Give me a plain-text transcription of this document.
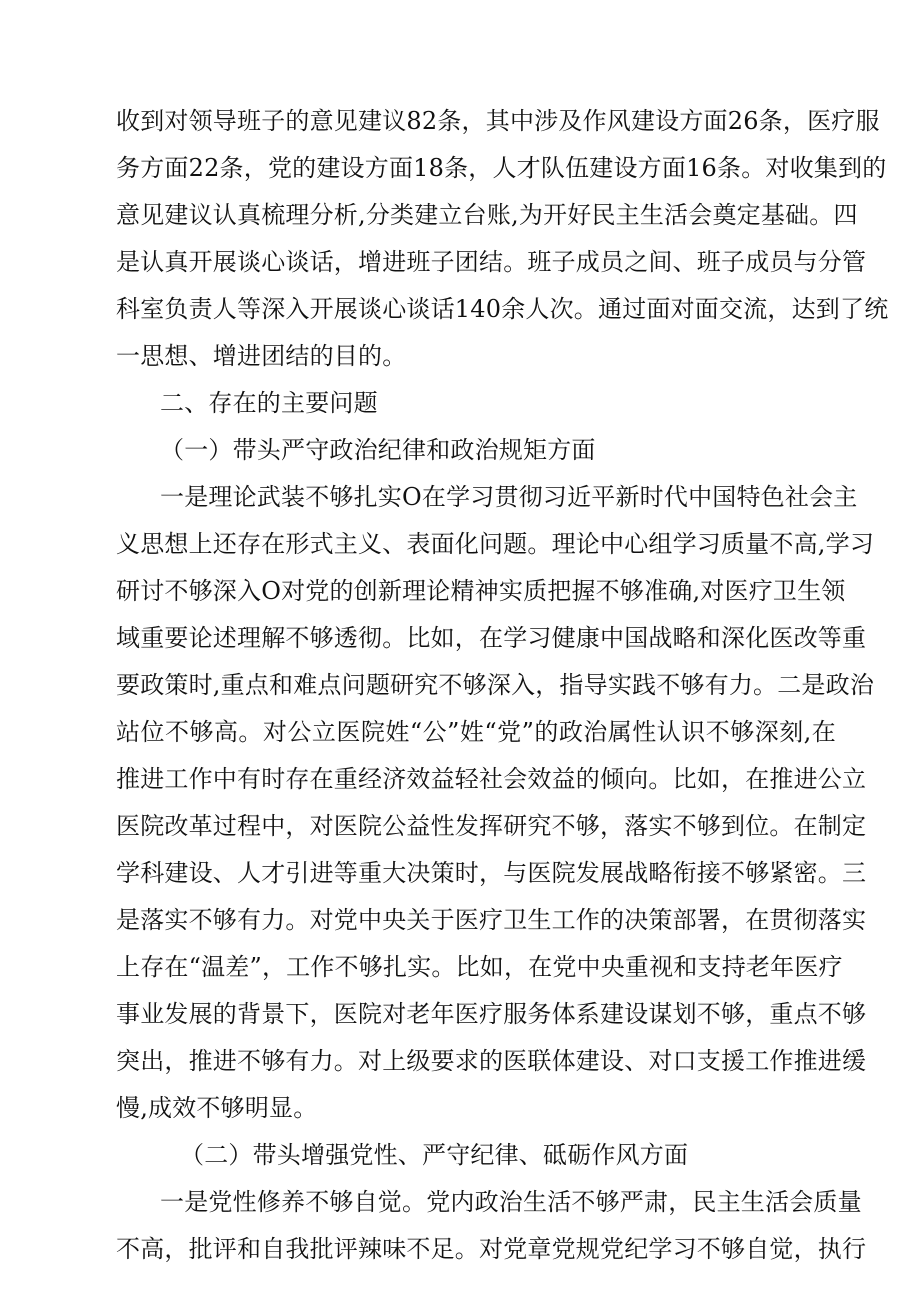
收到对领导班子的意见建议82条，其中涉及作风建设方面26条，医疗服
务方面22条，党的建设方面18条，人才队伍建设方面16条。对收集到的
意见建议认真梳理分析,分类建立台账,为开好民主生活会奠定基础。四
是认真开展谈心谈话，增进班子团结。班子成员之间、班子成员与分管
科室负责人等深入开展谈心谈话140余人次。通过面对面交流，达到了统
一思想、增进团结的目的。
二、存在的主要问题
（一）带头严守政治纪律和政治规矩方面
一是理论武装不够扎实O在学习贯彻习近平新时代中国特色社会主
义思想上还存在形式主义、表面化问题。理论中心组学习质量不高,学习
研讨不够深入O对党的创新理论精神实质把握不够准确,对医疗卫生领
域重要论述理解不够透彻。比如，在学习健康中国战略和深化医改等重
要政策时,重点和难点问题研究不够深入，指导实践不够有力。二是政治
站位不够高。对公立医院姓“公”姓“党”的政治属性认识不够深刻,在
推进工作中有时存在重经济效益轻社会效益的倾向。比如，在推进公立
医院改革过程中，对医院公益性发挥研究不够，落实不够到位。在制定
学科建设、人才引进等重大决策时，与医院发展战略衔接不够紧密。三
是落实不够有力。对党中央关于医疗卫生工作的决策部署，在贯彻落实
上存在“温差”，工作不够扎实。比如，在党中央重视和支持老年医疗
事业发展的背景下，医院对老年医疗服务体系建设谋划不够，重点不够
突出，推进不够有力。对上级要求的医联体建设、对口支援工作推进缓
慢,成效不够明显。
（二）带头增强党性、严守纪律、砥砺作风方面
一是党性修养不够自觉。党内政治生活不够严肃，民主生活会质量
不高，批评和自我批评辣味不足。对党章党规党纪学习不够自觉，执行
